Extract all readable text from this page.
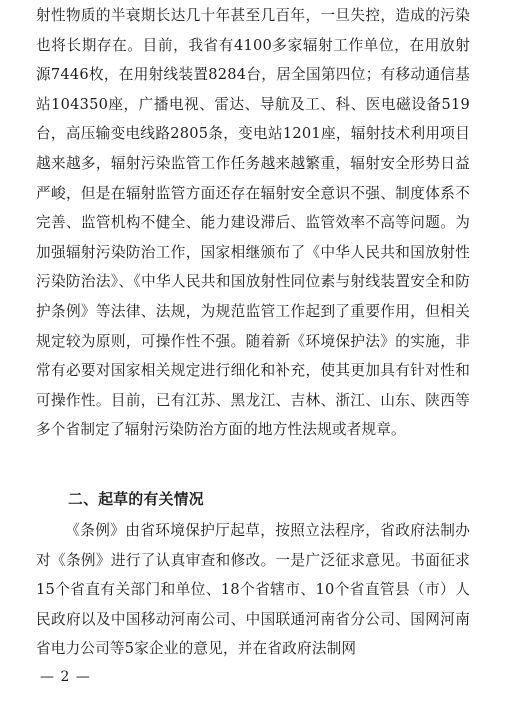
射性物质的半衰期长达几十年甚至几百年，一旦失控，造成的污染也将长期存在。目前，我省有4100多家辐射工作单位，在用放射源7446枚，在用射线装置8284台，居全国第四位；有移动通信基站104350座，广播电视、雷达、导航及工、科、医电磁设备519台，高压输变电线路2805条，变电站1201座，辐射技术利用项目越来越多，辐射污染监管工作任务越来越繁重，辐射安全形势日益严峻，但是在辐射监管方面还存在辐射安全意识不强、制度体系不完善、监管机构不健全、能力建设滞后、监管效率不高等问题。为加强辐射污染防治工作，国家相继颁布了《中华人民共和国放射性污染防治法》、《中华人民共和国放射性同位素与射线装置安全和防护条例》等法律、法规，为规范监管工作起到了重要作用，但相关规定较为原则，可操作性不强。随着新《环境保护法》的实施，非常有必要对国家相关规定进行细化和补充，使其更加具有针对性和可操作性。目前，已有江苏、黑龙江、吉林、浙江、山东、陕西等多个省制定了辐射污染防治方面的地方性法规或者规章。

二、起草的有关情况

《条例》由省环境保护厅起草，按照立法程序，省政府法制办对《条例》进行了认真审查和修改。一是广泛征求意见。书面征求15个省直有关部门和单位、18个省辖市、10个省直管县（市）人民政府以及中国移动河南公司、中国联通河南省分公司、国网河南省电力公司等5家企业的意见，并在省政府法制网

— 2 —
